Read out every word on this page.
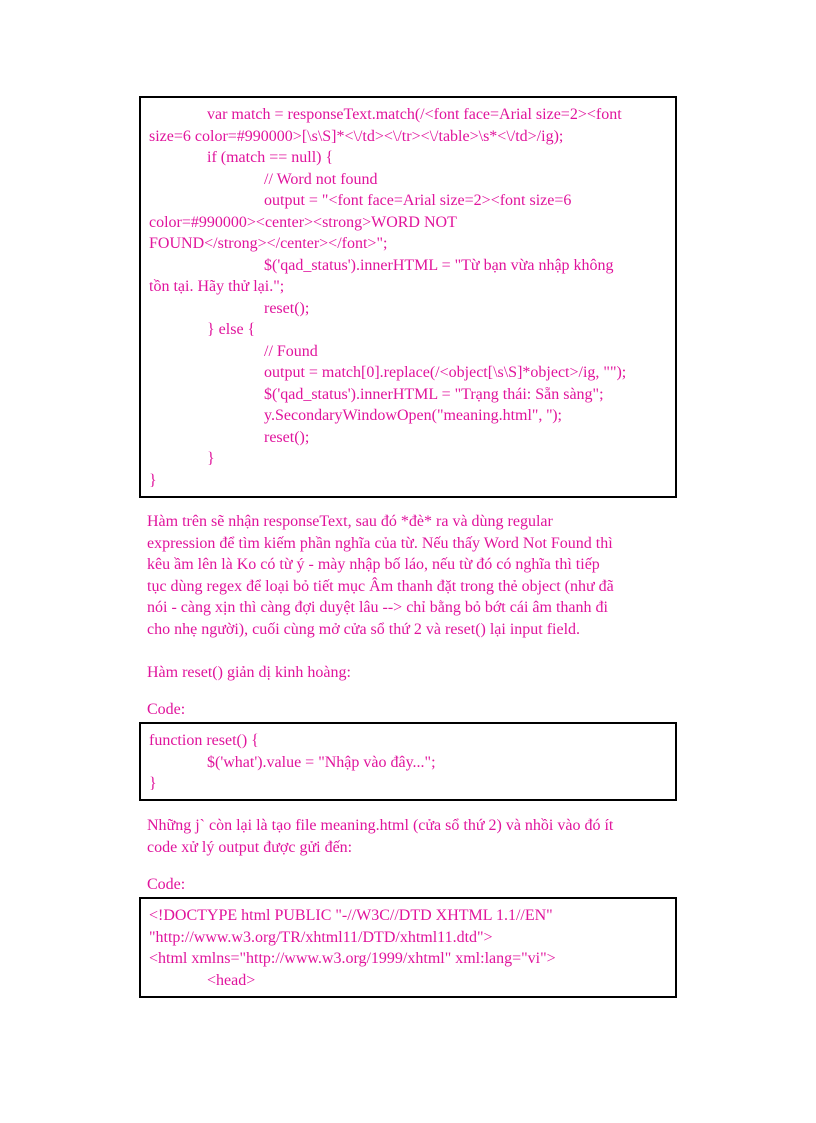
var match = responseText.match(/<font face=Arial size=2><font
size=6 color=#990000>[\s\S]*<\/td><\/tr><\/table>\s*<\/td>/ig);
if (match == null) {
// Word not found
output = "<font face=Arial size=2><font size=6
color=#990000><center><strong>WORD NOT
FOUND</strong></center></font>";
$('qad_status').innerHTML = "Từ bạn vừa nhập không
tồn tại. Hãy thử lại.";
reset();
} else {
// Found
output = match[0].replace(/<object[\s\S]*object>/ig, "");
$('qad_status').innerHTML = "Trạng thái: Sẵn sàng";
y.SecondaryWindowOpen("meaning.html", '');
reset();
}
}
Hàm trên sẽ nhận responseText, sau đó *đè* ra và dùng regular
expression để tìm kiếm phần nghĩa của từ. Nếu thấy Word Not Found thì
kêu ầm lên là Ko có từ ý - mày nhập bố láo, nếu từ đó có nghĩa thì tiếp
tục dùng regex để loại bỏ tiết mục Âm thanh đặt trong thẻ object (như đã
nói - càng xịn thì càng đợi duyệt lâu --> chỉ bằng bỏ bớt cái âm thanh đi
cho nhẹ người), cuối cùng mở cửa sổ thứ 2 và reset() lại input field.
Hàm reset() giản dị kinh hoàng:
Code:
function reset() {
$('what').value = "Nhập vào đây...";
}
Những j` còn lại là tạo file meaning.html (cửa sổ thứ 2) và nhồi vào đó ít
code xử lý output được gửi đến:
Code:
<!DOCTYPE html PUBLIC "-//W3C//DTD XHTML 1.1//EN"
"http://www.w3.org/TR/xhtml11/DTD/xhtml11.dtd">
<html xmlns="http://www.w3.org/1999/xhtml" xml:lang="vi">
<head>
